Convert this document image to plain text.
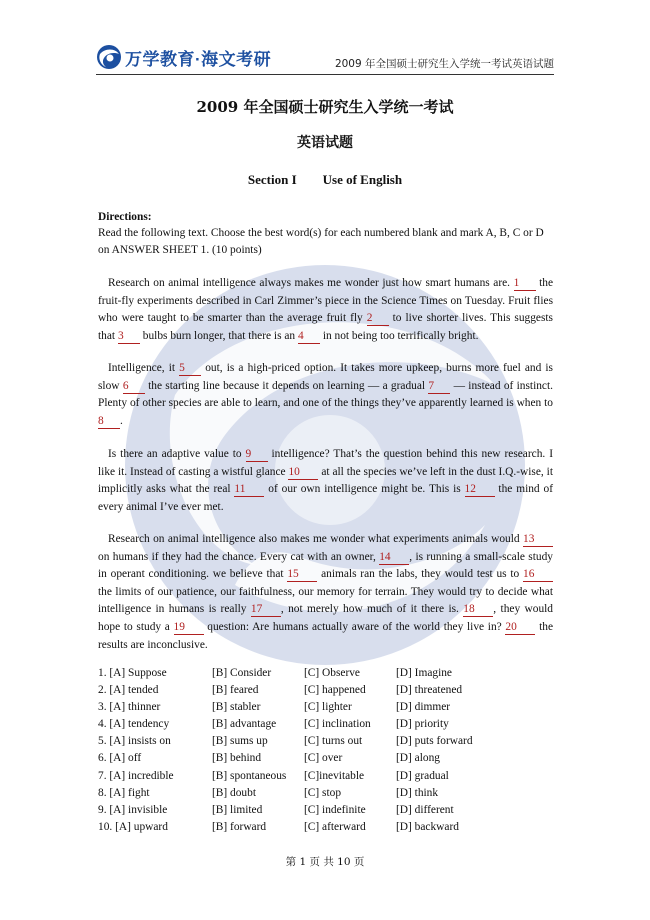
万学教育·海文考研	2009 年全国硕士研究生入学统一考试英语试题
2009 年全国硕士研究生入学统一考试
英语试题
Section I Use of English
Directions:
Read the following text. Choose the best word(s) for each numbered blank and mark A, B, C or D
on ANSWER SHEET 1. (10 points)

Research on animal intelligence always makes me wonder just how smart humans are. 1 the fruit-fly experiments described in Carl Zimmer’s piece in the Science Times on Tuesday. Fruit flies who were taught to be smarter than the average fruit fly 2 to live shorter lives. This suggests that 3 bulbs burn longer, that there is an 4 in not being too terrifically bright.

Intelligence, it 5 out, is a high-priced option. It takes more upkeep, burns more fuel and is slow 6 the starting line because it depends on learning — a gradual 7 — instead of instinct. Plenty of other species are able to learn, and one of the things they’ve apparently learned is when to 8 .

Is there an adaptive value to 9 intelligence? That’s the question behind this new research. I like it. Instead of casting a wistful glance 10 at all the species we’ve left in the dust I.Q.-wise, it implicitly asks what the real 11 of our own intelligence might be. This is 12 the mind of every animal I’ve ever met.

Research on animal intelligence also makes me wonder what experiments animals would 13 on humans if they had the chance. Every cat with an owner, 14 , is running a small-scale study in operant conditioning. we believe that 15 animals ran the labs, they would test us to 16 the limits of our patience, our faithfulness, our memory for terrain. They would try to decide what intelligence in humans is really 17 , not merely how much of it there is. 18 , they would hope to study a 19 question: Are humans actually aware of the world they live in? 20 the results are inconclusive.

1. [A] Suppose	[B] Consider	[C] Observe	[D] Imagine
2. [A] tended	[B] feared	[C] happened	[D] threatened
3. [A] thinner	[B] stabler	[C] lighter	[D] dimmer
4. [A] tendency	[B] advantage	[C] inclination	[D] priority
5. [A] insists on	[B] sums up	[C] turns out	[D] puts forward
6. [A] off	[B] behind	[C] over	[D] along
7. [A] incredible	[B] spontaneous	[C]inevitable	[D] gradual
8. [A] fight	[B] doubt	[C] stop	[D] think
9. [A] invisible	[B] limited	[C] indefinite	[D] different
10. [A] upward	[B] forward	[C] afterward	[D] backward
第 1 页 共 10 页
